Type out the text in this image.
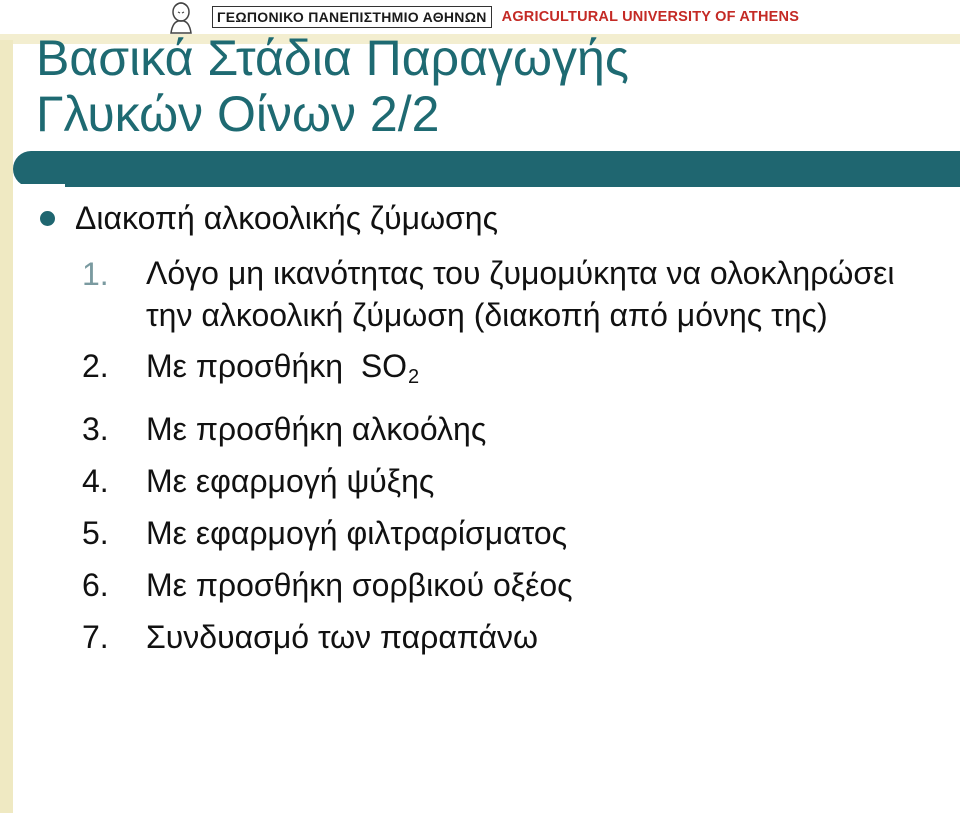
ΓΕΩΠΟΝΙΚΟ ΠΑΝΕΠΙΣΤΗΜΙΟ ΑΘΗΝΩΝ	AGRICULTURAL UNIVERSITY OF ATHENS
Βασικά Στάδια Παραγωγής
Γλυκών Οίνων 2/2
Διακοπή αλκοολικής ζύμωσης
1.	Λόγο μη ικανότητας του ζυμομύκητα να ολοκληρώσει την αλκοολική ζύμωση (διακοπή από μόνης της)
2.	Με προσθήκη  $SO_2$
3.	Με προσθήκη αλκοόλης
4.	Με εφαρμογή ψύξης
5.	Με εφαρμογή φιλτραρίσματος
6.	Με προσθήκη σορβικού οξέος
7.	Συνδυασμό των παραπάνω
